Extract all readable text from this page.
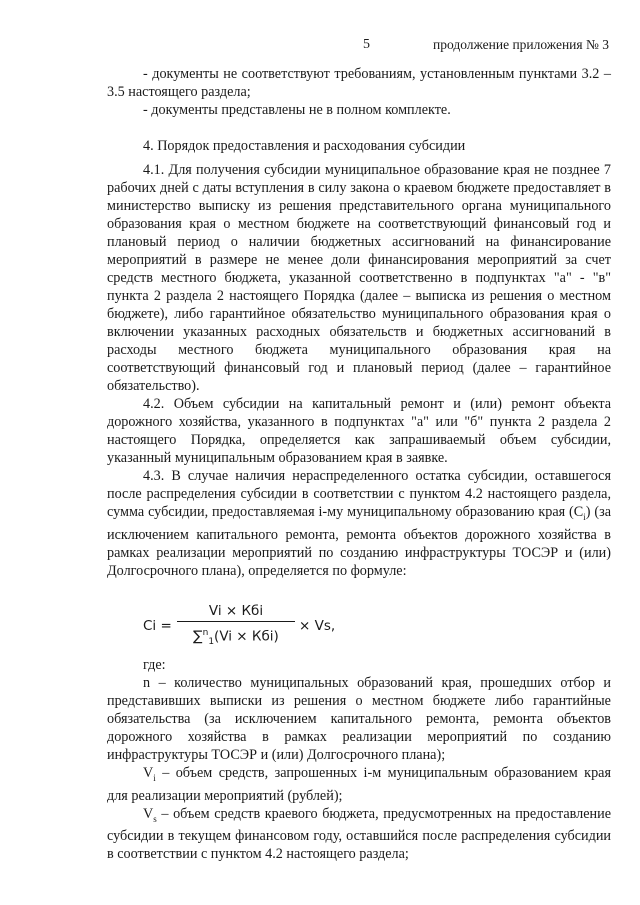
5	продолжение приложения № 3

- документы не соответствуют требованиям, установленным пунктами 3.2 – 3.5 настоящего раздела;

- документы представлены не в полном комплекте.

4. Порядок предоставления и расходования субсидии

4.1. Для получения субсидии муниципальное образование края не позднее 7 рабочих дней с даты вступления в силу закона о краевом бюджете предоставляет в министерство выписку из решения представительного органа муниципального образования края о местном бюджете на соответствующий финансовый год и плановый период о наличии бюджетных ассигнований на финансирование мероприятий в размере не менее доли финансирования мероприятий за счет средств местного бюджета, указанной соответственно в подпунктах "а" - "в" пункта 2 раздела 2 настоящего Порядка (далее – выписка из решения о местном бюджете), либо гарантийное обязательство муниципального образования края о включении указанных расходных обязательств и бюджетных ассигнований в расходы местного бюджета муниципального образования края на соответствующий финансовый год и плановый период (далее – гарантийное обязательство).

4.2. Объем субсидии на капитальный ремонт и (или) ремонт объекта дорожного хозяйства, указанного в подпунктах "а" или "б" пункта 2 раздела 2 настоящего Порядка, определяется как запрашиваемый объем субсидии, указанный муниципальным образованием края в заявке.

4.3. В случае наличия нераспределенного остатка субсидии, оставшегося после распределения субсидии в соответствии с пунктом 4.2 настоящего раздела, сумма субсидии, предоставляемая i-му муниципальному образованию края $(C_i)$ (за исключением капитального ремонта, ремонта объектов дорожного хозяйства в рамках реализации мероприятий по созданию инфраструктуры ТОСЭР и (или) Долгосрочного плана), определяется по формуле:

Ci =
Vi × Кбi
∑$^n_1$(Vi × Кбi)
× Vs,

где:

n – количество муниципальных образований края, прошедших отбор и представивших выписки из решения о местном бюджете либо гарантийные обязательства (за исключением капитального ремонта, ремонта объектов дорожного хозяйства в рамках реализации мероприятий по созданию инфраструктуры ТОСЭР и (или) Долгосрочного плана);

$V_i$ – объем средств, запрошенных i-м муниципальным образованием края для реализации мероприятий (рублей);

$V_s$ – объем средств краевого бюджета, предусмотренных на предоставление субсидии в текущем финансовом году, оставшийся после распределения субсидии в соответствии с пунктом 4.2 настоящего раздела;
